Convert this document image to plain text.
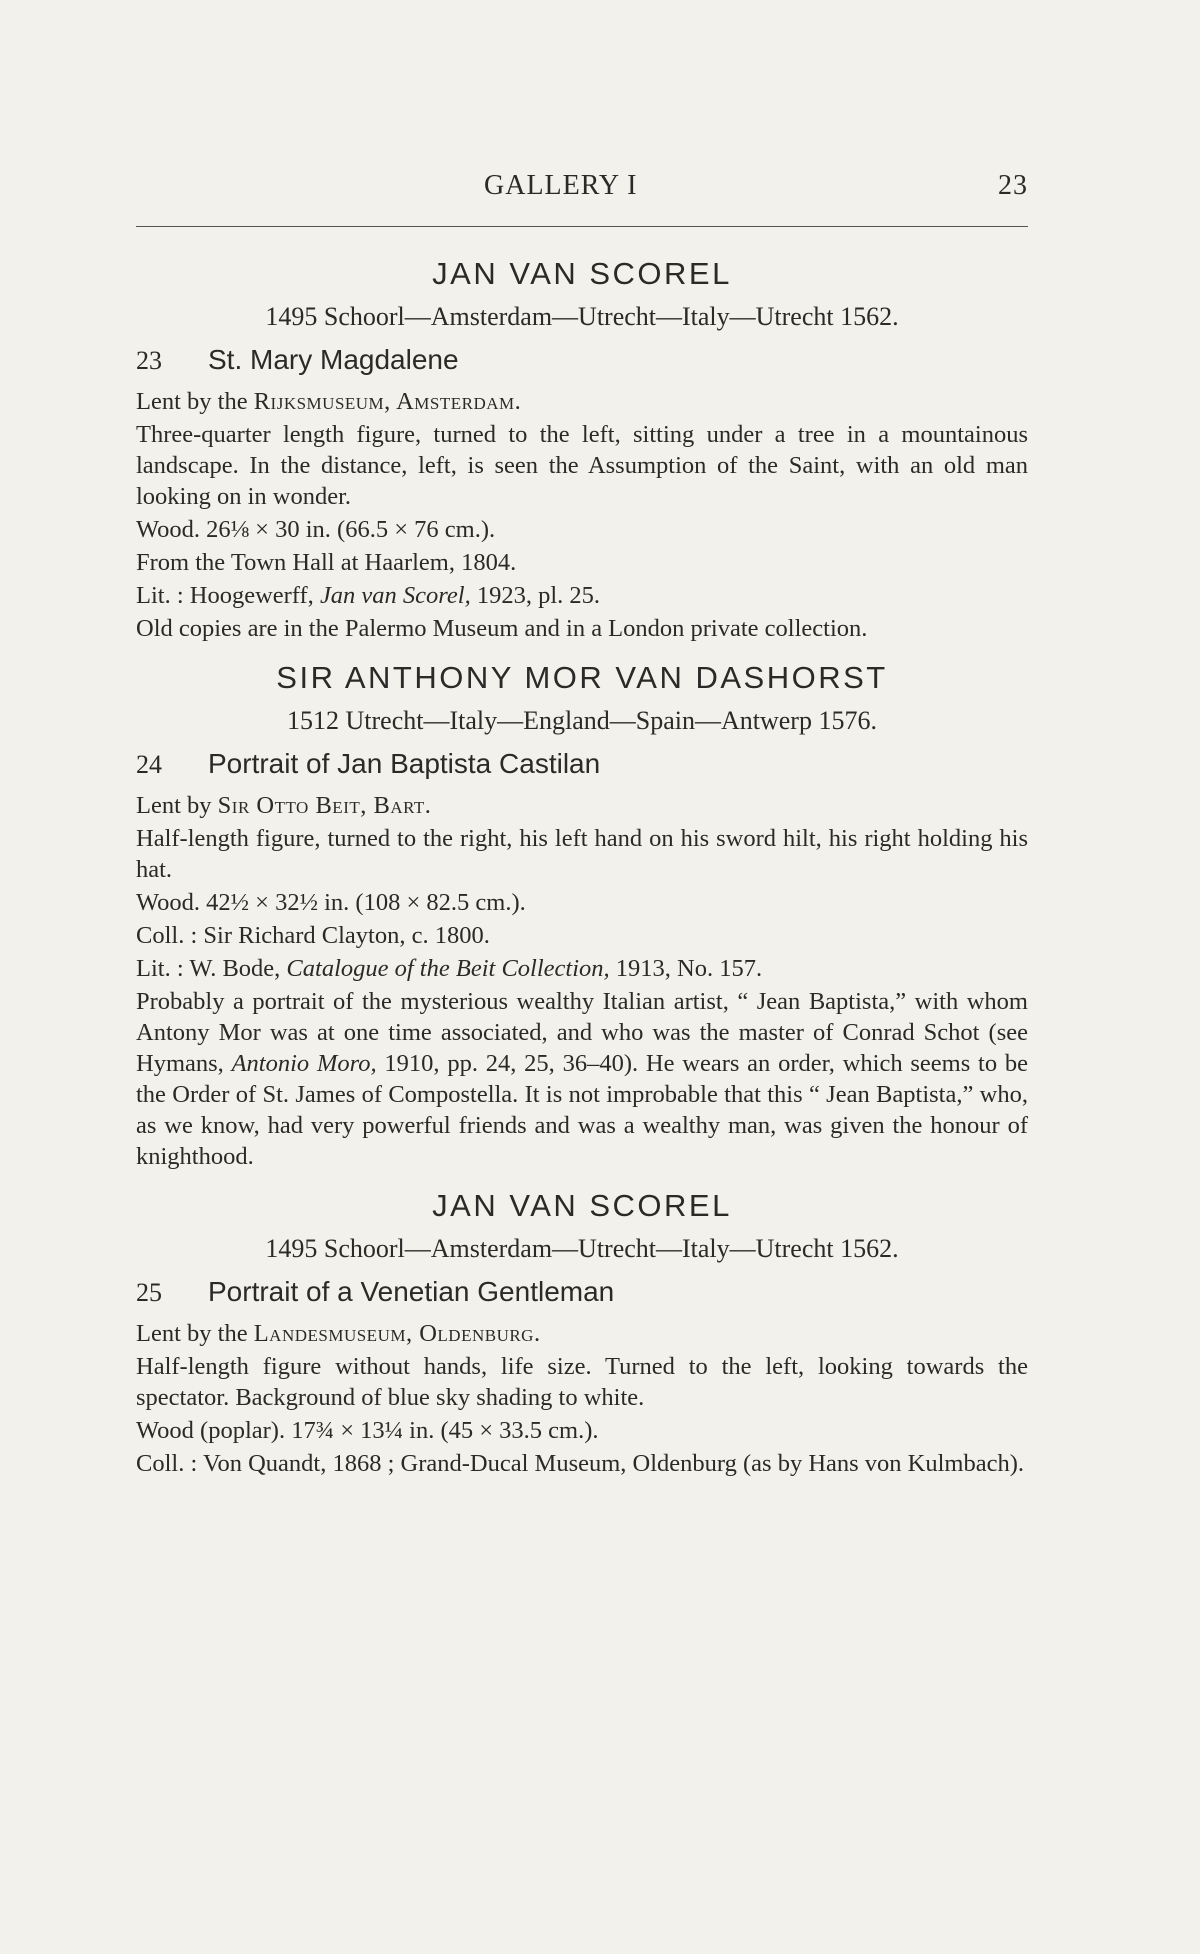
GALLERY I	23
JAN VAN SCOREL
1495 Schoorl—Amsterdam—Utrecht—Italy—Utrecht 1562.
23	St. Mary Magdalene

Lent by the Rijksmuseum, Amsterdam.

Three-quarter length figure, turned to the left, sitting under a tree in a mountainous landscape. In the distance, left, is seen the Assumption of the Saint, with an old man looking on in wonder.

Wood. 26⅛ × 30 in. (66.5 × 76 cm.).

From the Town Hall at Haarlem, 1804.

Lit. : Hoogewerff, Jan van Scorel, 1923, pl. 25.

Old copies are in the Palermo Museum and in a London private collection.

SIR ANTHONY MOR VAN DASHORST
1512 Utrecht—Italy—England—Spain—Antwerp 1576.
24	Portrait of Jan Baptista Castilan

Lent by Sir Otto Beit, Bart.

Half-length figure, turned to the right, his left hand on his sword hilt, his right holding his hat.

Wood. 42½ × 32½ in. (108 × 82.5 cm.).

Coll. : Sir Richard Clayton, c. 1800.

Lit. : W. Bode, Catalogue of the Beit Collection, 1913, No. 157.

Probably a portrait of the mysterious wealthy Italian artist, “ Jean Baptista,” with whom Antony Mor was at one time associated, and who was the master of Conrad Schot (see Hymans, Antonio Moro, 1910, pp. 24, 25, 36–40). He wears an order, which seems to be the Order of St. James of Compostella. It is not improbable that this “ Jean Baptista,” who, as we know, had very powerful friends and was a wealthy man, was given the honour of knighthood.

JAN VAN SCOREL
1495 Schoorl—Amsterdam—Utrecht—Italy—Utrecht 1562.
25	Portrait of a Venetian Gentleman

Lent by the Landesmuseum, Oldenburg.

Half-length figure without hands, life size. Turned to the left, looking towards the spectator. Background of blue sky shading to white.

Wood (poplar). 17¾ × 13¼ in. (45 × 33.5 cm.).

Coll. : Von Quandt, 1868 ; Grand-Ducal Museum, Oldenburg (as by Hans von Kulmbach).
